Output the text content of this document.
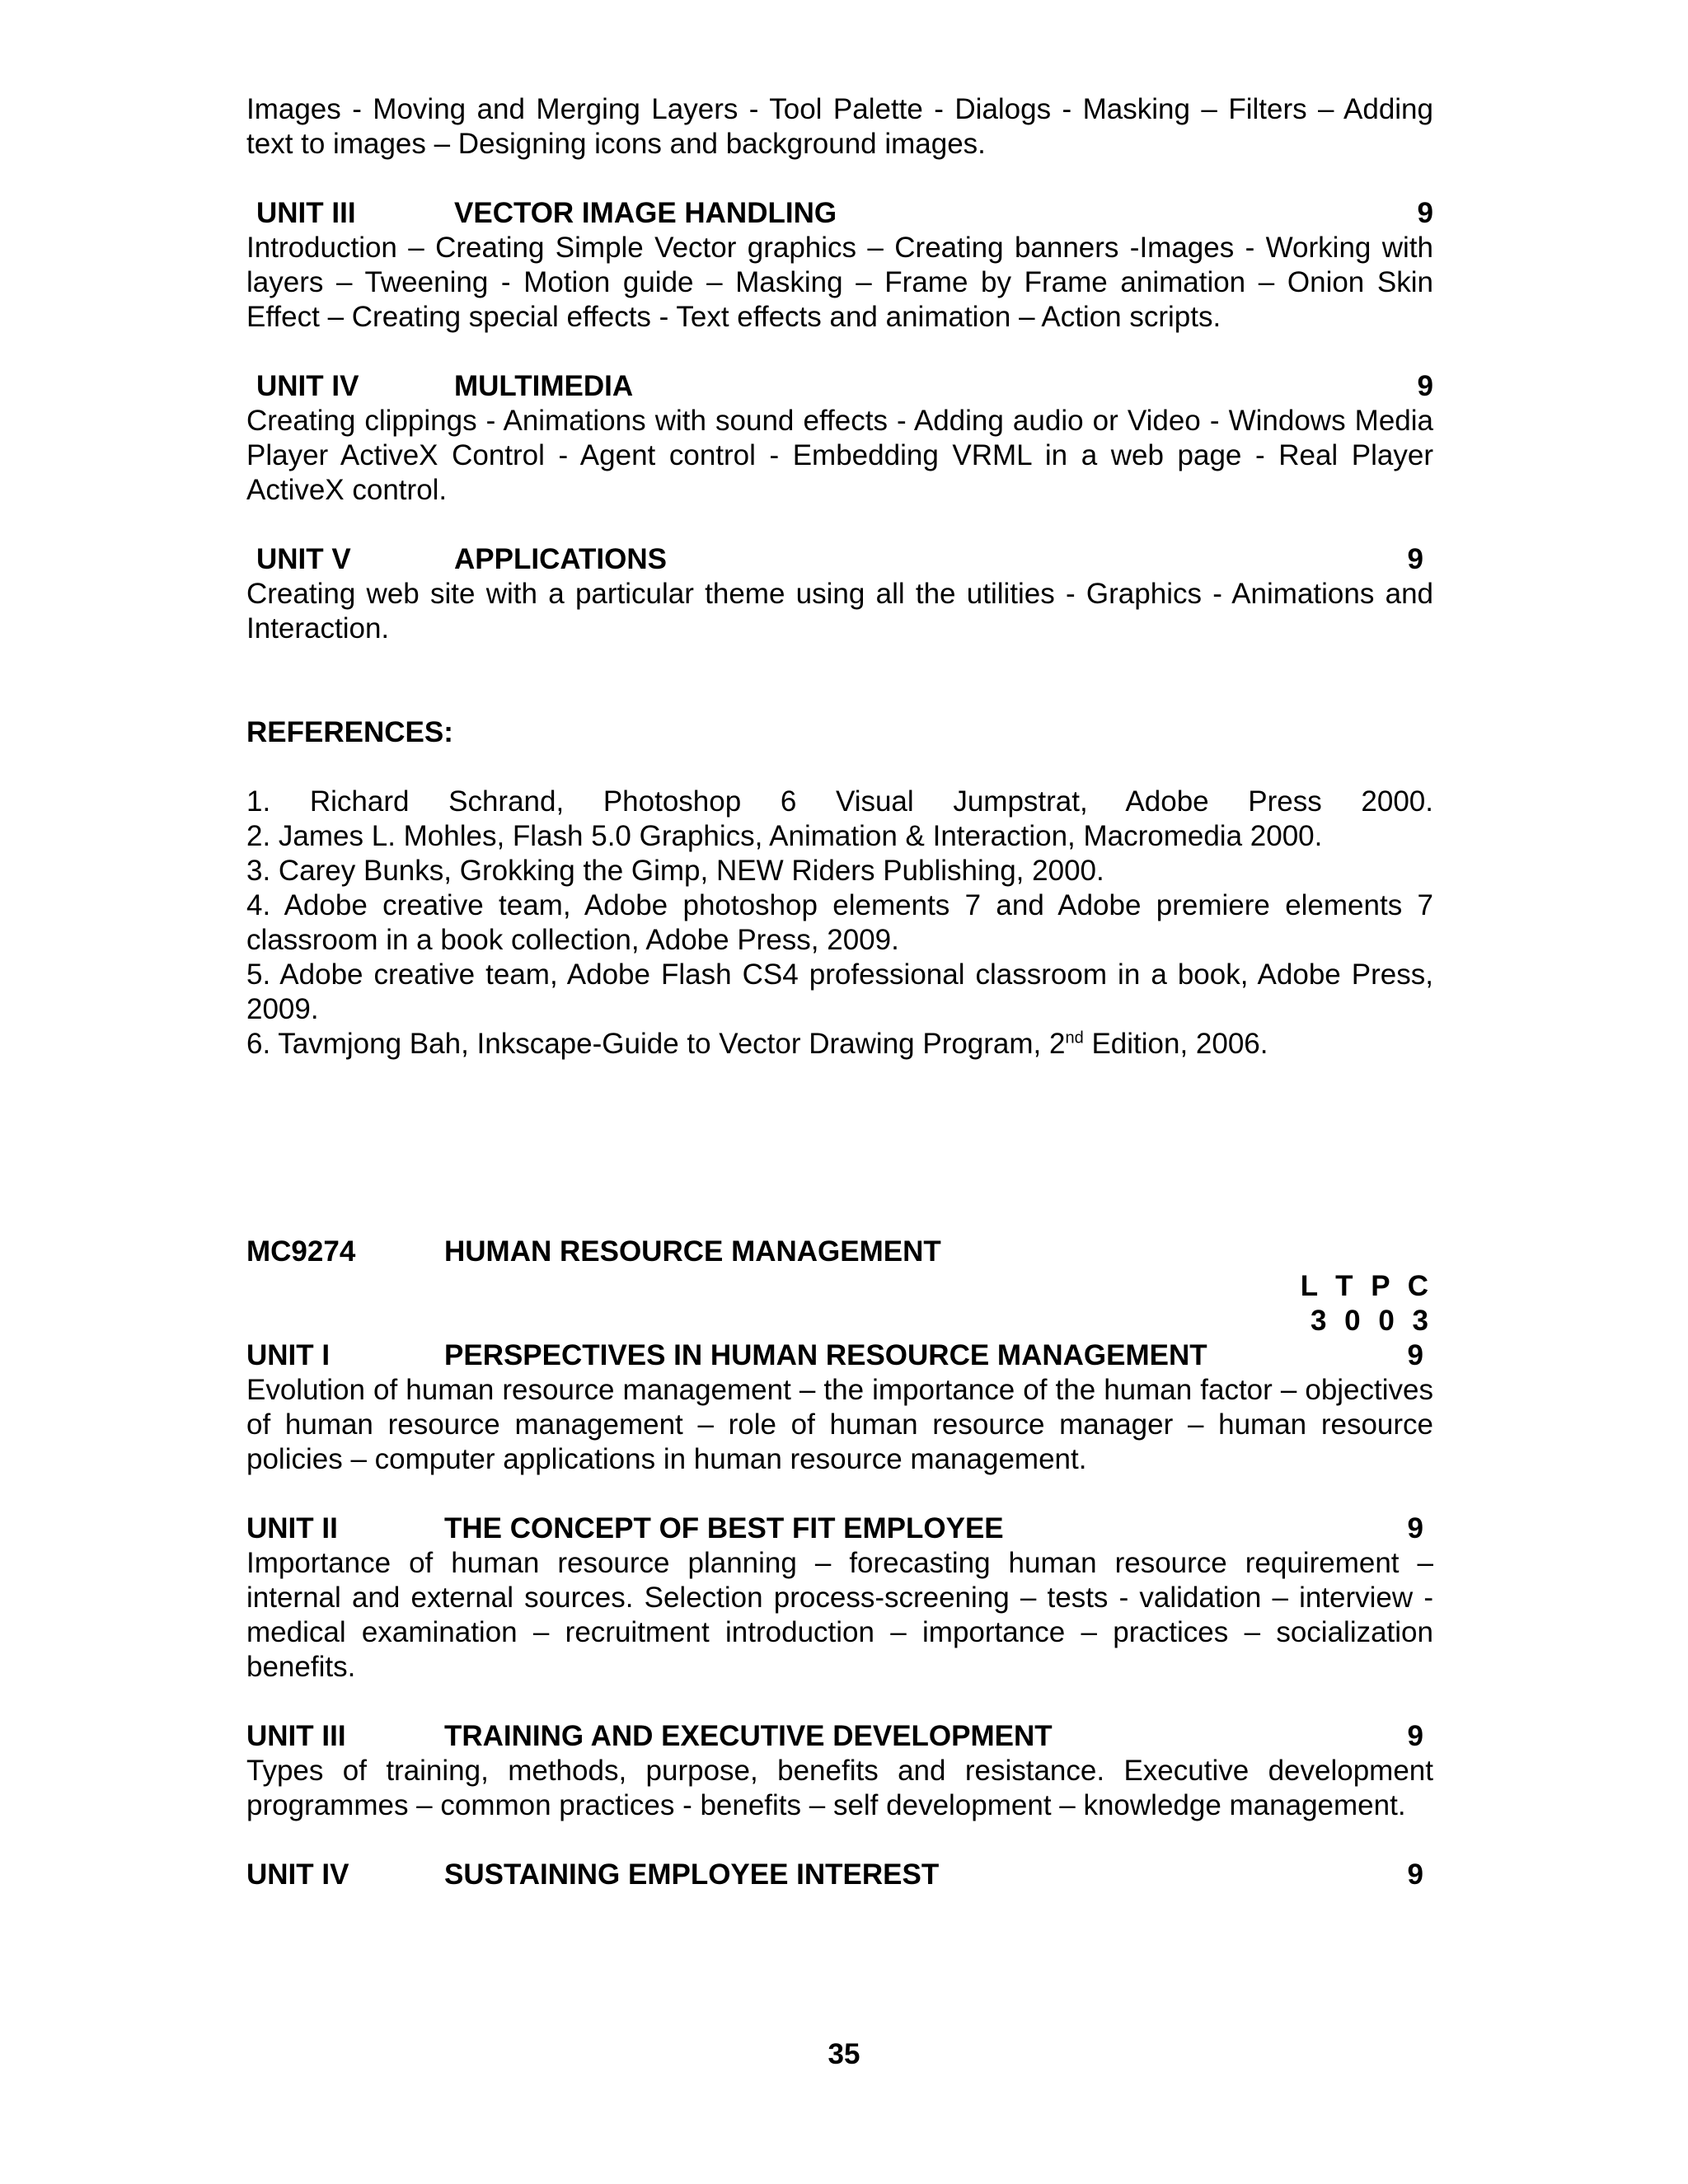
Images - Moving and Merging Layers - Tool Palette - Dialogs - Masking – Filters – Adding text to images – Designing icons and background images.

UNIT III	VECTOR IMAGE HANDLING	9

Introduction – Creating Simple Vector graphics – Creating banners -Images - Working with layers – Tweening - Motion guide – Masking – Frame by Frame animation – Onion Skin Effect – Creating special effects - Text effects and animation – Action scripts.

UNIT IV	MULTIMEDIA	9

Creating clippings - Animations with sound effects - Adding audio or Video - Windows Media Player ActiveX Control - Agent control - Embedding VRML in a web page - Real Player ActiveX control.

UNIT V	APPLICATIONS	9

Creating web site with a particular theme using all the utilities - Graphics - Animations and Interaction.

REFERENCES:

1. Richard Schrand, Photoshop 6 Visual Jumpstrat, Adobe Press 2000.

2. James L. Mohles, Flash 5.0 Graphics, Animation & Interaction, Macromedia 2000.

3. Carey Bunks, Grokking the Gimp, NEW Riders Publishing, 2000.

4. Adobe creative team, Adobe photoshop elements 7 and Adobe premiere elements 7 classroom in a book collection, Adobe Press, 2009.

5. Adobe creative team, Adobe Flash CS4 professional classroom in a book, Adobe Press, 2009.

6. Tavmjong Bah, Inkscape-Guide to Vector Drawing Program, 2nd Edition, 2006.

MC9274	HUMAN RESOURCE MANAGEMENT

L T P C

3 0 0 3

UNIT I	PERSPECTIVES IN HUMAN RESOURCE MANAGEMENT	9

Evolution of human resource management – the importance of the human factor – objectives of human resource management – role of human resource manager – human resource policies – computer applications in human resource management.

UNIT II	THE CONCEPT OF BEST FIT EMPLOYEE	9

Importance of human resource planning – forecasting human resource requirement – internal and external sources. Selection process-screening – tests - validation – interview - medical examination – recruitment introduction – importance – practices – socialization benefits.

UNIT III	TRAINING AND EXECUTIVE DEVELOPMENT	9

Types of training, methods, purpose, benefits and resistance. Executive development programmes – common practices - benefits – self development – knowledge management.

UNIT IV	SUSTAINING EMPLOYEE INTEREST	9
35
